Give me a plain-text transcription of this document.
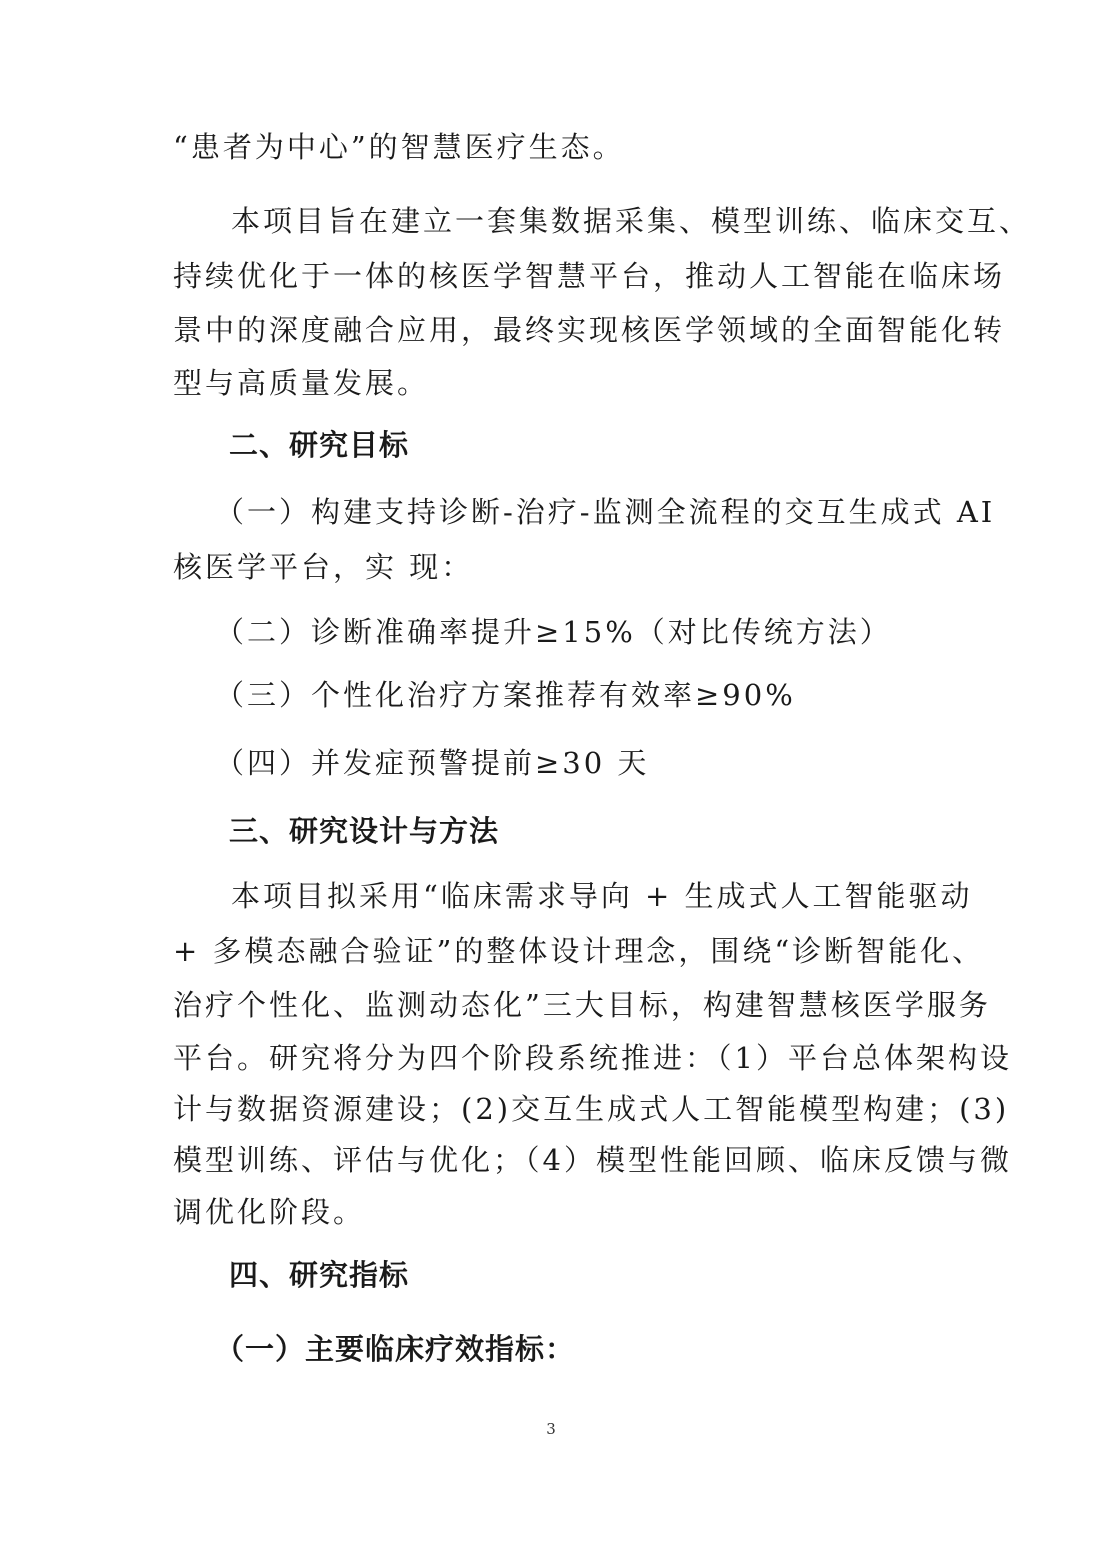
“患者为中心”的智慧医疗生态。

本项目旨在建立一套集数据采集、模型训练、临床交互、

持续优化于一体的核医学智慧平台，推动人工智能在临床场

景中的深度融合应用，最终实现核医学领域的全面智能化转

型与高质量发展。

二、研究目标

（一）构建支持诊断-治疗-监测全流程的交互生成式 AI

核医学平台，实 现：

（二）诊断准确率提升≥15%（对比传统方法）

（三）个性化治疗方案推荐有效率≥90%

（四）并发症预警提前≥30 天

三、研究设计与方法

本项目拟采用“临床需求导向 + 生成式人工智能驱动

+ 多模态融合验证”的整体设计理念，围绕“诊断智能化、

治疗个性化、监测动态化”三大目标，构建智慧核医学服务

平台。研究将分为四个阶段系统推进：（1）平台总体架构设

计与数据资源建设；(2)交互生成式人工智能模型构建；(3)

模型训练、评估与优化；（4）模型性能回顾、临床反馈与微

调优化阶段。

四、研究指标

（一）主要临床疗效指标：

3
